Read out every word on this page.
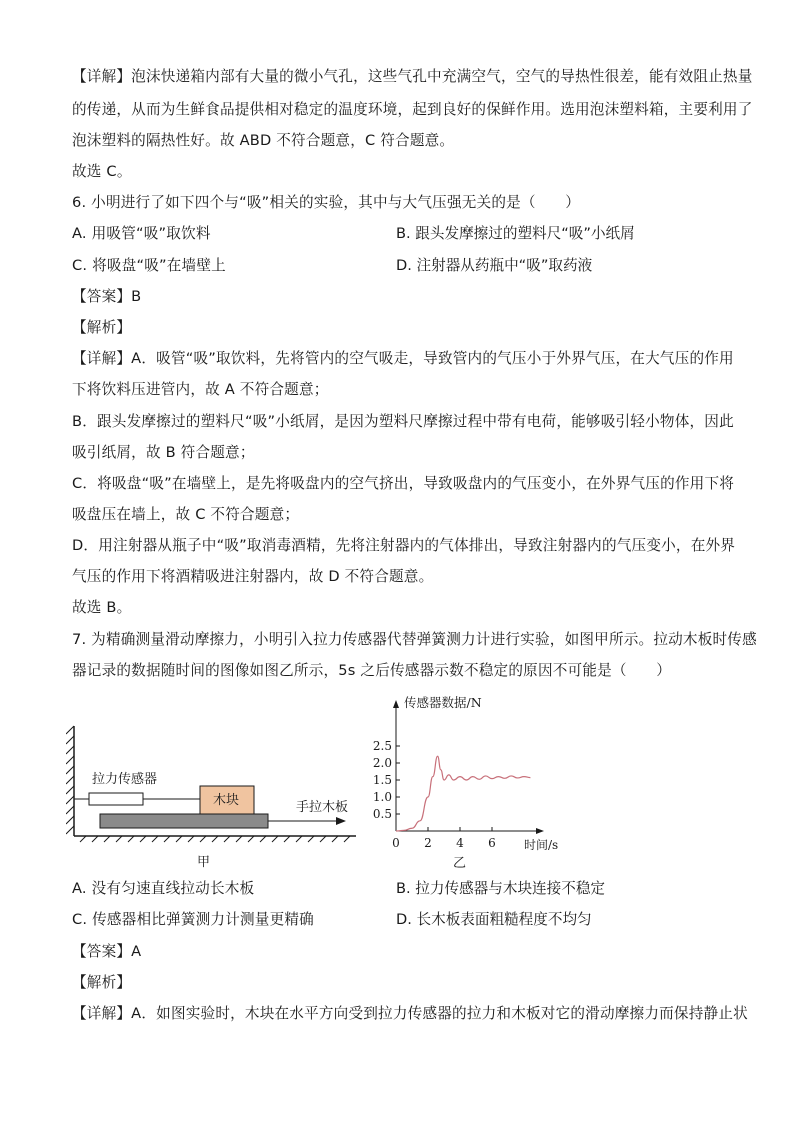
【详解】泡沫快递箱内部有大量的微小气孔，这些气孔中充满空气，空气的导热性很差，能有效阻止热量
的传递，从而为生鲜食品提供相对稳定的温度环境，起到良好的保鲜作用。选用泡沫塑料箱，主要利用了
泡沫塑料的隔热性好。故 ABD 不符合题意，C 符合题意。
故选 C。
6. 小明进行了如下四个与“吸”相关的实验，其中与大气压强无关的是（　　）
A. 用吸管“吸”取饮料	B. 跟头发摩擦过的塑料尺“吸”小纸屑
C. 将吸盘“吸”在墙壁上	D. 注射器从药瓶中“吸”取药液
【答案】B
【解析】
【详解】A．吸管“吸”取饮料，先将管内的空气吸走，导致管内的气压小于外界气压，在大气压的作用
下将饮料压进管内，故 A 不符合题意；
B．跟头发摩擦过的塑料尺“吸”小纸屑，是因为塑料尺摩擦过程中带有电荷，能够吸引轻小物体，因此
吸引纸屑，故 B 符合题意；
C．将吸盘“吸”在墙壁上，是先将吸盘内的空气挤出，导致吸盘内的气压变小，在外界气压的作用下将
吸盘压在墙上，故 C 不符合题意；
D．用注射器从瓶子中“吸”取消毒酒精，先将注射器内的气体排出，导致注射器内的气压变小，在外界
气压的作用下将酒精吸进注射器内，故 D 不符合题意。
故选 B。
7. 为精确测量滑动摩擦力，小明引入拉力传感器代替弹簧测力计进行实验，如图甲所示。拉动木板时传感
器记录的数据随时间的图像如图乙所示，5s 之后传感器示数不稳定的原因不可能是（　　）
拉力传感器
木块	手拉木板
甲
传感器数据/N
时间/s
0.5
1.0
1.5
2.0
2.5
0 2 4 6
乙
A. 没有匀速直线拉动长木板	B. 拉力传感器与木块连接不稳定
C. 传感器相比弹簧测力计测量更精确	D. 长木板表面粗糙程度不均匀
【答案】A
【解析】
【详解】A．如图实验时，木块在水平方向受到拉力传感器的拉力和木板对它的滑动摩擦力而保持静止状
